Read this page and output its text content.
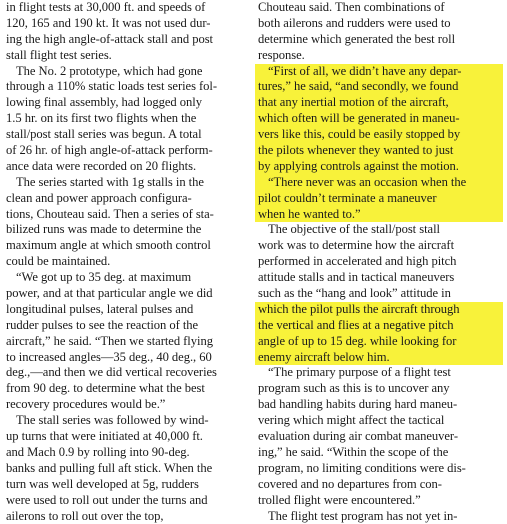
in flight tests at 30,000 ft. and speeds of
120, 165 and 190 kt. It was not used dur-
ing the high angle-of-attack stall and post
stall flight test series.
The No. 2 prototype, which had gone
through a 110% static loads test series fol-
lowing final assembly, had logged only
1.5 hr. on its first two flights when the
stall/post stall series was begun. A total
of 26 hr. of high angle-of-attack perform-
ance data were recorded on 20 flights.
The series started with 1g stalls in the
clean and power approach configura-
tions, Chouteau said. Then a series of sta-
bilized runs was made to determine the
maximum angle at which smooth control
could be maintained.
“We got up to 35 deg. at maximum
power, and at that particular angle we did
longitudinal pulses, lateral pulses and
rudder pulses to see the reaction of the
aircraft,” he said. “Then we started flying
to increased angles—35 deg., 40 deg., 60
deg.,—and then we did vertical recoveries
from 90 deg. to determine what the best
recovery procedures would be.”
The stall series was followed by wind-
up turns that were initiated at 40,000 ft.
and Mach 0.9 by rolling into 90-deg.
banks and pulling full aft stick. When the
turn was well developed at 5g, rudders
were used to roll out under the turns and
ailerons to roll out over the top,
Chouteau said. Then combinations of
both ailerons and rudders were used to
determine which generated the best roll
response.
“First of all, we didn’t have any depar-
tures,” he said, “and secondly, we found
that any inertial motion of the aircraft,
which often will be generated in maneu-
vers like this, could be easily stopped by
the pilots whenever they wanted to just
by applying controls against the motion.
“There never was an occasion when the
pilot couldn’t terminate a maneuver
when he wanted to.”
The objective of the stall/post stall
work was to determine how the aircraft
performed in accelerated and high pitch
attitude stalls and in tactical maneuvers
such as the “hang and look” attitude in
which the pilot pulls the aircraft through
the vertical and flies at a negative pitch
angle of up to 15 deg. while looking for
enemy aircraft below him.
“The primary purpose of a flight test
program such as this is to uncover any
bad handling habits during hard maneu-
vering which might affect the tactical
evaluation during air combat maneuver-
ing,” he said. “Within the scope of the
program, no limiting conditions were dis-
covered and no departures from con-
trolled flight were encountered.”
The flight test program has not yet in-
